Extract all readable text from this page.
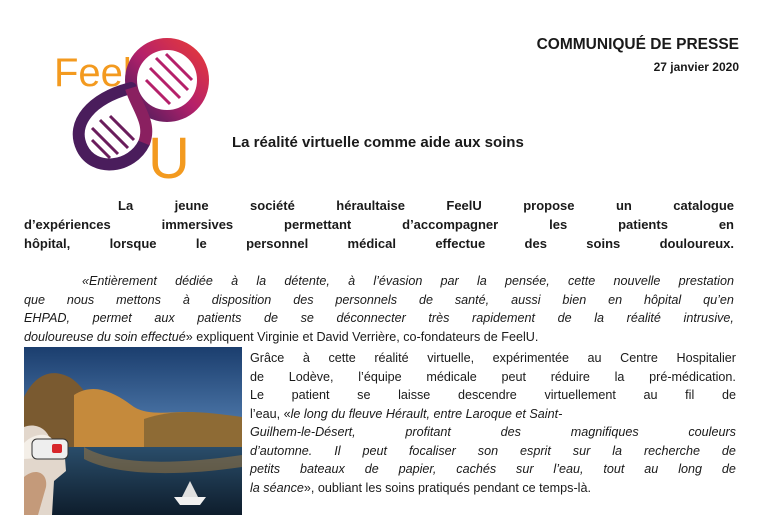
Feel
U
COMMUNIQUÉ DE PRESSE
27 janvier 2020
La réalité virtuelle comme aide aux soins
La jeune société héraultaise FeelU propose un catalogue
d’expériences immersives permettant d’accompagner les patients en
hôpital, lorsque le personnel médical effectue des soins douloureux.
«Entièrement dédiée à la détente, à l’évasion par la pensée, cette nouvelle prestation
que nous mettons à disposition des personnels de santé, aussi bien en hôpital qu’en
EHPAD, permet aux patients de se déconnecter très rapidement de la réalité intrusive,
douloureuse du soin effectué» expliquent Virginie et David Verrière, co-fondateurs de FeelU.
Grâce à cette réalité virtuelle, expérimentée au Centre Hospitalier
de Lodève, l’équipe médicale peut réduire la pré-médication.
Le patient se laisse descendre virtuellement au fil de
l’eau, «le long du fleuve Hérault, entre Laroque et Saint-
Guilhem-le-Désert,	profitant	des	magnifiques	couleurs
d’automne. Il peut focaliser son esprit sur la recherche de
petits bateaux de papier, cachés sur l’eau, tout au long de
la séance», oubliant les soins pratiqués pendant ce temps-là.
